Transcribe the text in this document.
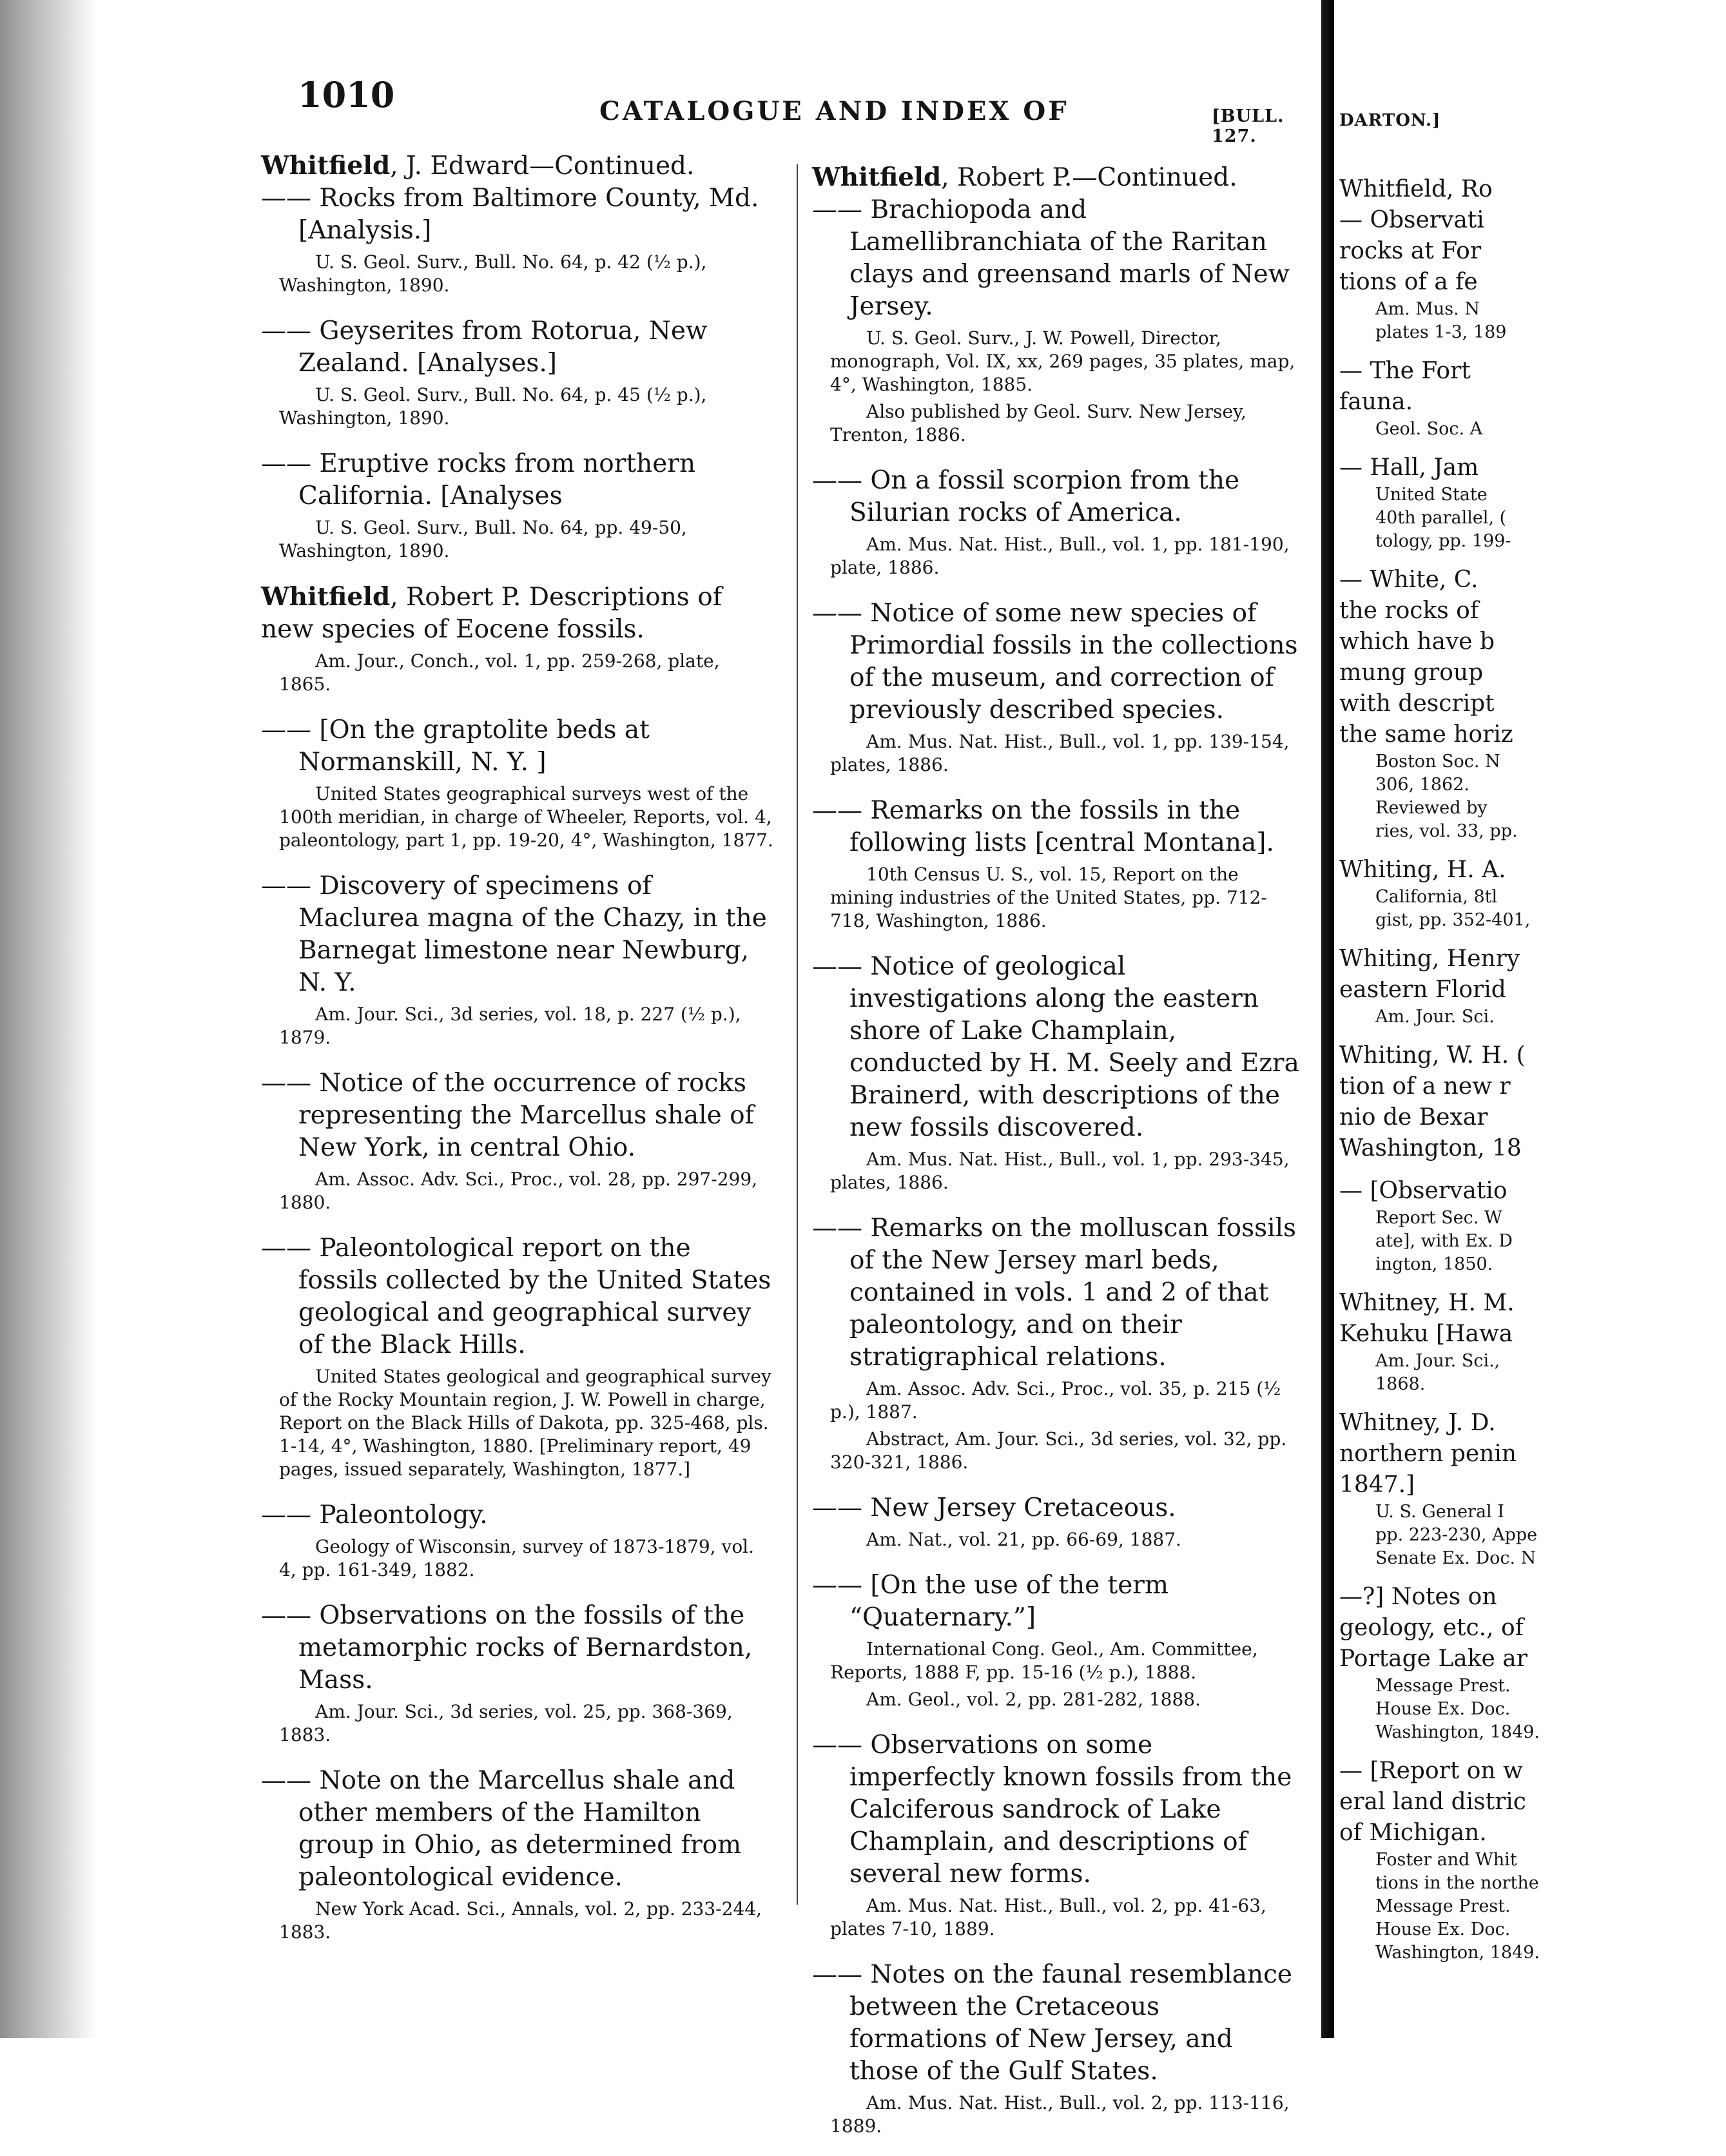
1010	CATALOGUE AND INDEX OF	[BULL. 127.

Whitfield, J. Edward—Continued.

—— Rocks from Baltimore County, Md. [Analysis.]

U. S. Geol. Surv., Bull. No. 64, p. 42 (½ p.), Washington, 1890.

—— Geyserites from Rotorua, New Zealand. [Analyses.]

U. S. Geol. Surv., Bull. No. 64, p. 45 (½ p.), Washington, 1890.

—— Eruptive rocks from northern California. [Analyses

U. S. Geol. Surv., Bull. No. 64, pp. 49-50, Washington, 1890.

Whitfield, Robert P. Descriptions of new species of Eocene fossils.

Am. Jour., Conch., vol. 1, pp. 259-268, plate, 1865.

—— [On the graptolite beds at Normanskill, N. Y. ]

United States geographical surveys west of the 100th meridian, in charge of Wheeler, Reports, vol. 4, paleontology, part 1, pp. 19-20, 4°, Washington, 1877.

—— Discovery of specimens of Maclurea magna of the Chazy, in the Barnegat limestone near Newburg, N. Y.

Am. Jour. Sci., 3d series, vol. 18, p. 227 (½ p.), 1879.

—— Notice of the occurrence of rocks representing the Marcellus shale of New York, in central Ohio.

Am. Assoc. Adv. Sci., Proc., vol. 28, pp. 297-299, 1880.

—— Paleontological report on the fossils collected by the United States geological and geographical survey of the Black Hills.

United States geological and geographical survey of the Rocky Mountain region, J. W. Powell in charge, Report on the Black Hills of Dakota, pp. 325-468, pls. 1-14, 4°, Washington, 1880. [Preliminary report, 49 pages, issued separately, Washington, 1877.]

—— Paleontology.

Geology of Wisconsin, survey of 1873-1879, vol. 4, pp. 161-349, 1882.

—— Observations on the fossils of the metamorphic rocks of Bernardston, Mass.

Am. Jour. Sci., 3d series, vol. 25, pp. 368-369, 1883.

—— Note on the Marcellus shale and other members of the Hamilton group in Ohio, as determined from paleontological evidence.

New York Acad. Sci., Annals, vol. 2, pp. 233-244, 1883.

Whitfield, Robert P.—Continued.

—— Brachiopoda and Lamellibranchiata of the Raritan clays and greensand marls of New Jersey.

U. S. Geol. Surv., J. W. Powell, Director, monograph, Vol. IX, xx, 269 pages, 35 plates, map, 4°, Washington, 1885.

Also published by Geol. Surv. New Jersey, Trenton, 1886.

—— On a fossil scorpion from the Silurian rocks of America.

Am. Mus. Nat. Hist., Bull., vol. 1, pp. 181-190, plate, 1886.

—— Notice of some new species of Primordial fossils in the collections of the museum, and correction of previously described species.

Am. Mus. Nat. Hist., Bull., vol. 1, pp. 139-154, plates, 1886.

—— Remarks on the fossils in the following lists [central Montana].

10th Census U. S., vol. 15, Report on the mining industries of the United States, pp. 712-718, Washington, 1886.

—— Notice of geological investigations along the eastern shore of Lake Champlain, conducted by H. M. Seely and Ezra Brainerd, with descriptions of the new fossils discovered.

Am. Mus. Nat. Hist., Bull., vol. 1, pp. 293-345, plates, 1886.

—— Remarks on the molluscan fossils of the New Jersey marl beds, contained in vols. 1 and 2 of that paleontology, and on their stratigraphical relations.

Am. Assoc. Adv. Sci., Proc., vol. 35, p. 215 (½ p.), 1887.

Abstract, Am. Jour. Sci., 3d series, vol. 32, pp. 320-321, 1886.

—— New Jersey Cretaceous.

Am. Nat., vol. 21, pp. 66-69, 1887.

—— [On the use of the term “Quaternary.”]

International Cong. Geol., Am. Committee, Reports, 1888 F, pp. 15-16 (½ p.), 1888.

Am. Geol., vol. 2, pp. 281-282, 1888.

—— Observations on some imperfectly known fossils from the Calciferous sandrock of Lake Champlain, and descriptions of several new forms.

Am. Mus. Nat. Hist., Bull., vol. 2, pp. 41-63, plates 7-10, 1889.

—— Notes on the faunal resemblance between the Cretaceous formations of New Jersey, and those of the Gulf States.

Am. Mus. Nat. Hist., Bull., vol. 2, pp. 113-116, 1889.

DARTON.]

Whitfield, Ro

— Observati

rocks at For

tions of a fe

Am. Mus. N

plates 1-3, 189

— The Fort

fauna.

Geol. Soc. A

— Hall, Jam

United State

40th parallel, (

tology, pp. 199-

— White, C.

the rocks of

which have b

mung group

with descript

the same horiz

Boston Soc. N

306, 1862.

Reviewed by

ries, vol. 33, pp.

Whiting, H. A.

California, 8tl

gist, pp. 352-401,

Whiting, Henry

eastern Florid

Am. Jour. Sci.

Whiting, W. H. (

tion of a new r

nio de Bexar

Washington, 18

— [Observatio

Report Sec. W

ate], with Ex. D

ington, 1850.

Whitney, H. M.

Kehuku [Hawa

Am. Jour. Sci.,

1868.

Whitney, J. D.

northern penin

1847.]

U. S. General I

pp. 223-230, Appe

Senate Ex. Doc. N

—?] Notes on

geology, etc., of

Portage Lake ar

Message Prest.

House Ex. Doc.

Washington, 1849.

— [Report on w

eral land distric

of Michigan.

Foster and Whit

tions in the northe

Message Prest.

House Ex. Doc.

Washington, 1849.
